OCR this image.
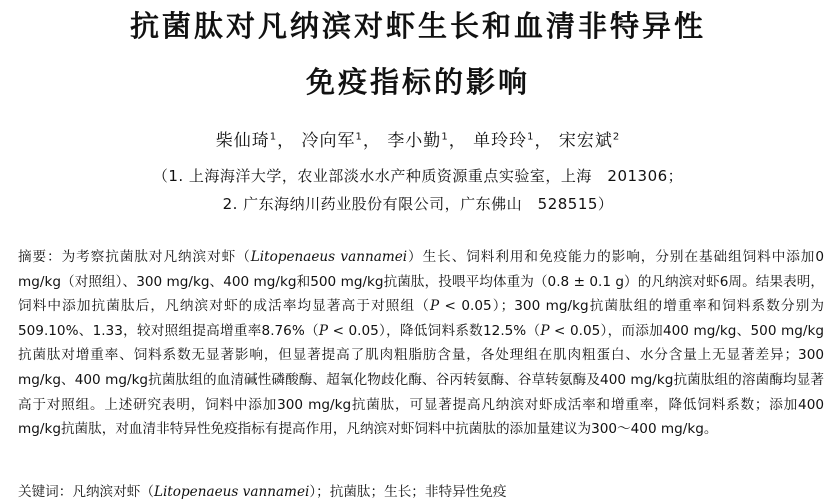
抗菌肽对凡纳滨对虾生长和血清非特异性
免疫指标的影响
柴仙琦$^1$， 冷向军$^1$， 李小勤$^1$， 单玲玲$^1$， 宋宏斌$^2$
（1. 上海海洋大学，农业部淡水水产种质资源重点实验室，上海　201306；
2. 广东海纳川药业股份有限公司，广东佛山　528515）
摘要：为考察抗菌肽对凡纳滨对虾（Litopenaeus vannamei）生长、饲料利用和免疫能力的影响，分别在基础组饲料中添加0 mg/kg（对照组）、300 mg/kg、400 mg/kg和500 mg/kg抗菌肽，投喂平均体重为（0.8 ± 0.1 g）的凡纳滨对虾6周。结果表明，饲料中添加抗菌肽后，凡纳滨对虾的成活率均显著高于对照组（P < 0.05）；300 mg/kg抗菌肽组的增重率和饲料系数分别为509.10%、1.33，较对照组提高增重率8.76%（P < 0.05），降低饲料系数12.5%（P < 0.05），而添加400 mg/kg、500 mg/kg抗菌肽对增重率、饲料系数无显著影响，但显著提高了肌肉粗脂肪含量，各处理组在肌肉粗蛋白、水分含量上无显著差异；300 mg/kg、400 mg/kg抗菌肽组的血清碱性磷酸酶、超氧化物歧化酶、谷丙转氨酶、谷草转氨酶及400 mg/kg抗菌肽组的溶菌酶均显著高于对照组。上述研究表明，饲料中添加300 mg/kg抗菌肽，可显著提高凡纳滨对虾成活率和增重率，降低饲料系数；添加400 mg/kg抗菌肽，对血清非特异性免疫指标有提高作用，凡纳滨对虾饲料中抗菌肽的添加量建议为300～400 mg/kg。
关键词：凡纳滨对虾（Litopenaeus vannamei）；抗菌肽；生长；非特异性免疫
